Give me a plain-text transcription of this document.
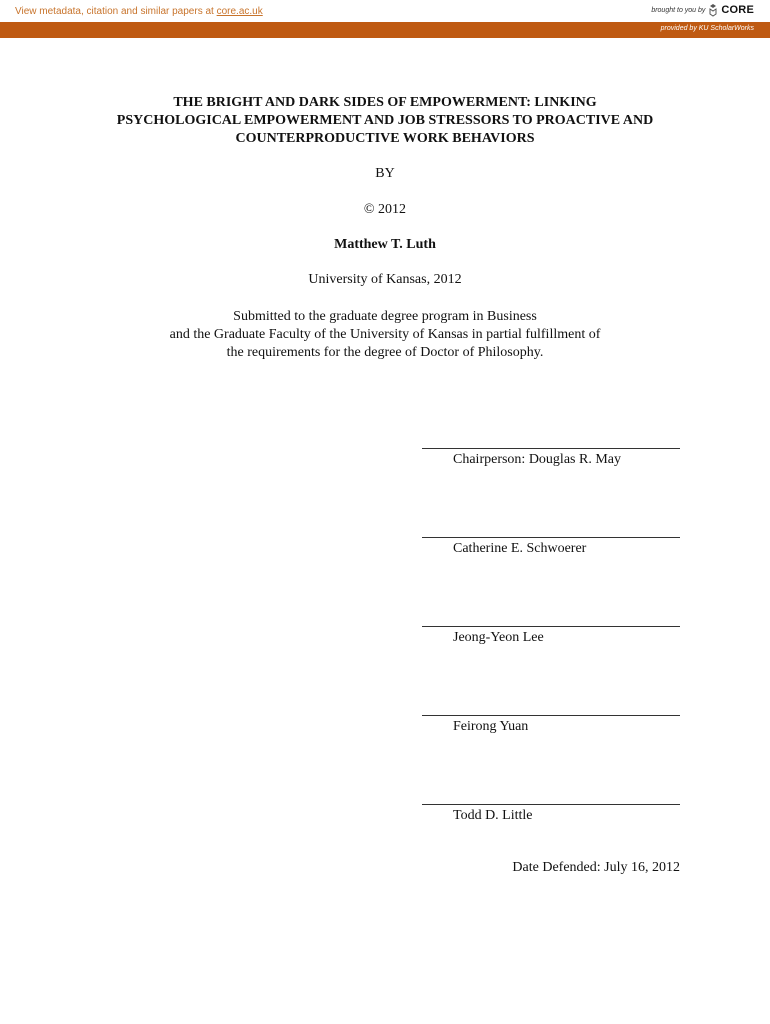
View metadata, citation and similar papers at core.ac.uk	brought to you by CORE
provided by KU ScholarWorks
THE BRIGHT AND DARK SIDES OF EMPOWERMENT: LINKING
PSYCHOLOGICAL EMPOWERMENT AND JOB STRESSORS TO PROACTIVE AND
COUNTERPRODUCTIVE WORK BEHAVIORS
BY
© 2012
Matthew T. Luth
University of Kansas, 2012
Submitted to the graduate degree program in Business
and the Graduate Faculty of the University of Kansas in partial fulfillment of
the requirements for the degree of Doctor of Philosophy.
Chairperson: Douglas R. May
Catherine E. Schwoerer
Jeong-Yeon Lee
Feirong Yuan
Todd D. Little
Date Defended: July 16, 2012
